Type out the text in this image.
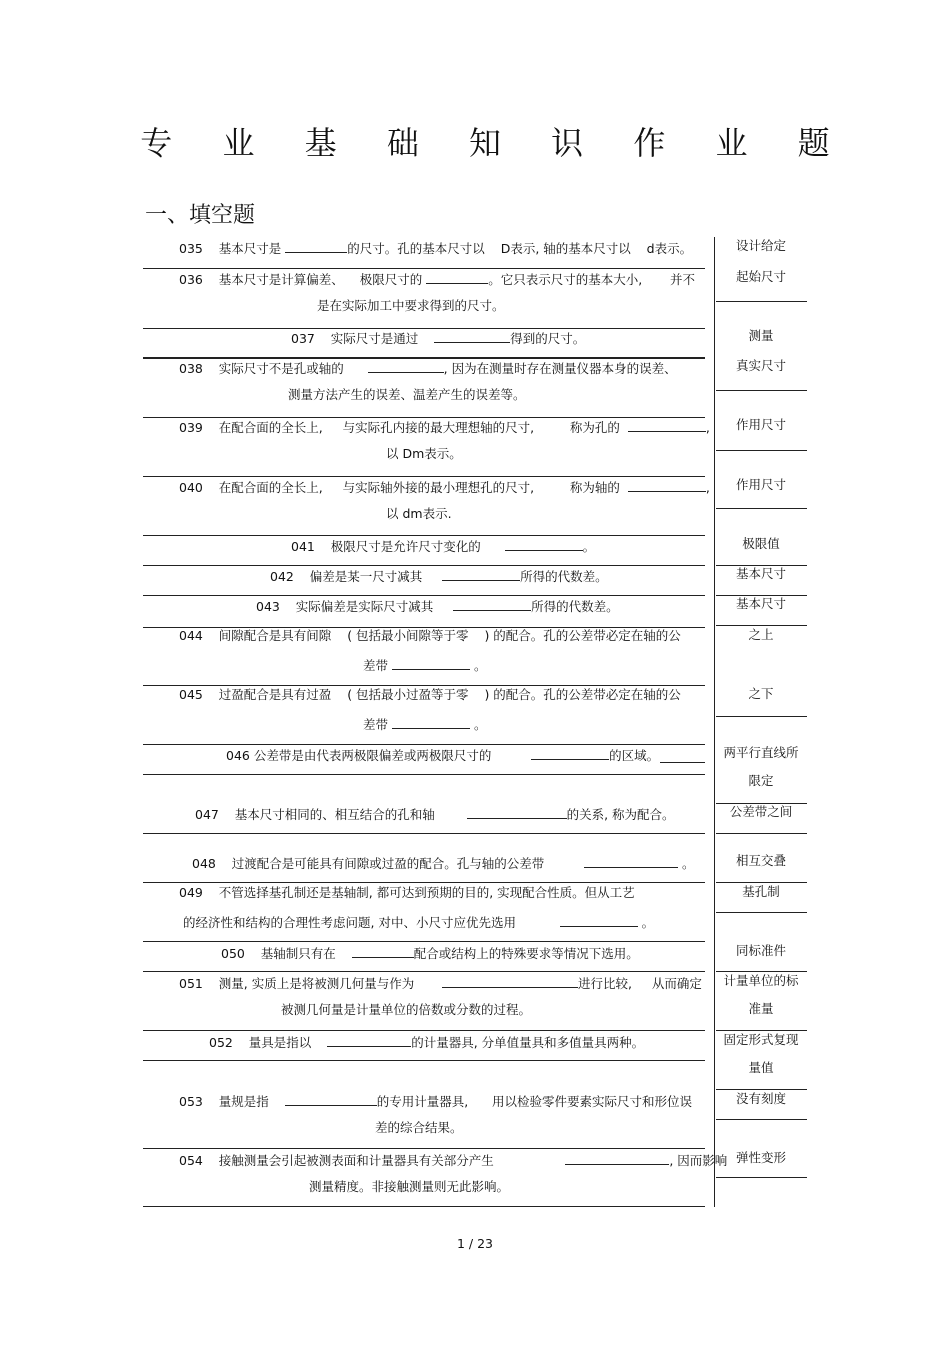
专 业 基 础 知 识 作 业 题
一、填空题
035 基本尺寸是	的尺寸。孔的基本尺寸以 D表示, 轴的基本尺寸以 d表示。
036 基本尺寸是计算偏差、 极限尺寸的	。它只表示尺寸的基本大小, 并不
是在实际加工中要求得到的尺寸。
037 实际尺寸是通过	得到的尺寸。
038 实际尺寸不是孔或轴的	, 因为在测量时存在测量仪器本身的误差、
测量方法产生的误差、温差产生的误差等。
039 在配合面的全长上, 与实际孔内接的最大理想轴的尺寸,	称为孔的	,
以 Dm表示。
040 在配合面的全长上, 与实际轴外接的最小理想孔的尺寸,	称为轴的	,
以 dm表示.
041 极限尺寸是允许尺寸变化的	。
042 偏差是某一尺寸减其	所得的代数差。
043 实际偏差是实际尺寸减其	所得的代数差。
044 间隙配合是具有间隙 ( 包括最小间隙等于零 ) 的配合。孔的公差带必定在轴的公
差带	。
045 过盈配合是具有过盈 ( 包括最小过盈等于零 ) 的配合。孔的公差带必定在轴的公
差带	。
046 公差带是由代表两极限偏差或两极限尺寸的	的区域。
047 基本尺寸相同的、相互结合的孔和轴	的关系, 称为配合。
048 过渡配合是可能具有间隙或过盈的配合。孔与轴的公差带	。
049 不管选择基孔制还是基轴制, 都可达到预期的目的, 实现配合性质。但从工艺
的经济性和结构的合理性考虑问题, 对中、小尺寸应优先选用	。
050 基轴制只有在	配合或结构上的特殊要求等情况下选用。
051 测量, 实质上是将被测几何量与作为	进行比较, 从而确定
被测几何量是计量单位的倍数或分数的过程。
052 量具是指以	的计量器具, 分单值量具和多值量具两种。
053 量规是指	的专用计量器具, 用以检验零件要素实际尺寸和形位误
差的综合结果。
054 接触测量会引起被测表面和计量器具有关部分产生	, 因而影响
测量精度。非接触测量则无此影响。
设计给定
起始尺寸
测量
真实尺寸
作用尺寸
作用尺寸
极限值
基本尺寸
基本尺寸
之上
之下
两平行直线所
限定
公差带之间
相互交叠
基孔制
同标准件
计量单位的标
准量
固定形式复现
量值
没有刻度
弹性变形
1 / 23
